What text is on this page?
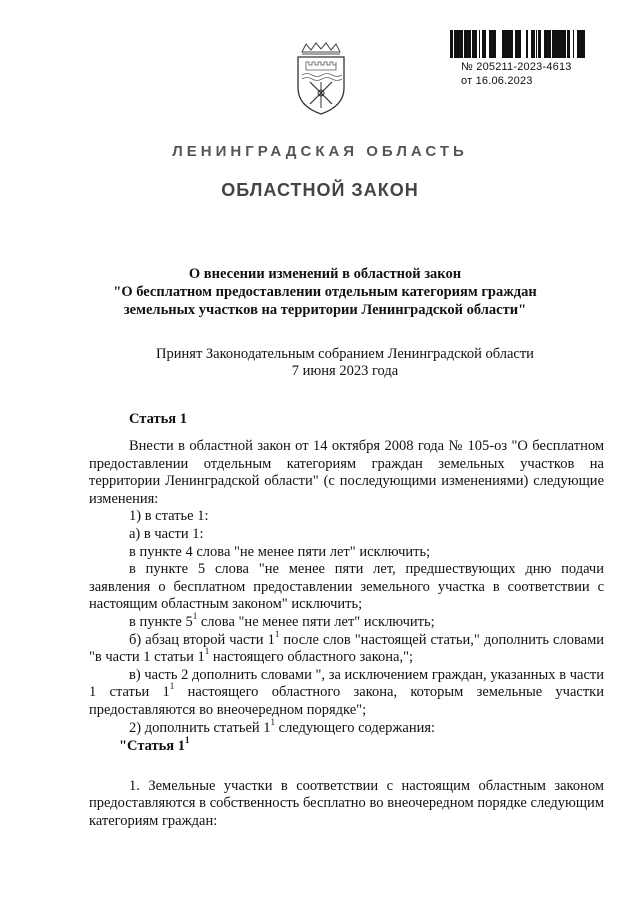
№ 205211-2023-4613
от 16.06.2023
ЛЕНИНГРАДСКАЯ ОБЛАСТЬ
ОБЛАСТНОЙ ЗАКОН
О внесении изменений в областной закон
"О бесплатном предоставлении отдельным категориям граждан
земельных участков на территории Ленинградской области"
Принят Законодательным собранием Ленинградской области
7 июня 2023 года
Статья 1

Внести в областной закон от 14 октября 2008 года № 105-оз "О бесплатном предоставлении отдельным категориям граждан земельных участков на территории Ленинградской области" (с последующими изменениями) следующие изменения:

1) в статье 1:

а) в части 1:

в пункте 4 слова "не менее пяти лет" исключить;

в пункте 5 слова "не менее пяти лет, предшествующих дню подачи заявления о бесплатном предоставлении земельного участка в соответствии с настоящим областным законом" исключить;

в пункте $5^1$ слова "не менее пяти лет" исключить;

б) абзац второй части $1^1$ после слов "настоящей статьи," дополнить словами "в части 1 статьи $1^1$ настоящего областного закона,";

в) часть 2 дополнить словами ", за исключением граждан, указанных в части 1 статьи $1^1$ настоящего областного закона, которым земельные участки предоставляются во внеочередном порядке";

2) дополнить статьей $1^1$ следующего содержания:

"Статья $1^1$

1. Земельные участки в соответствии с настоящим областным законом предоставляются в собственность бесплатно во внеочередном порядке следующим категориям граждан:
